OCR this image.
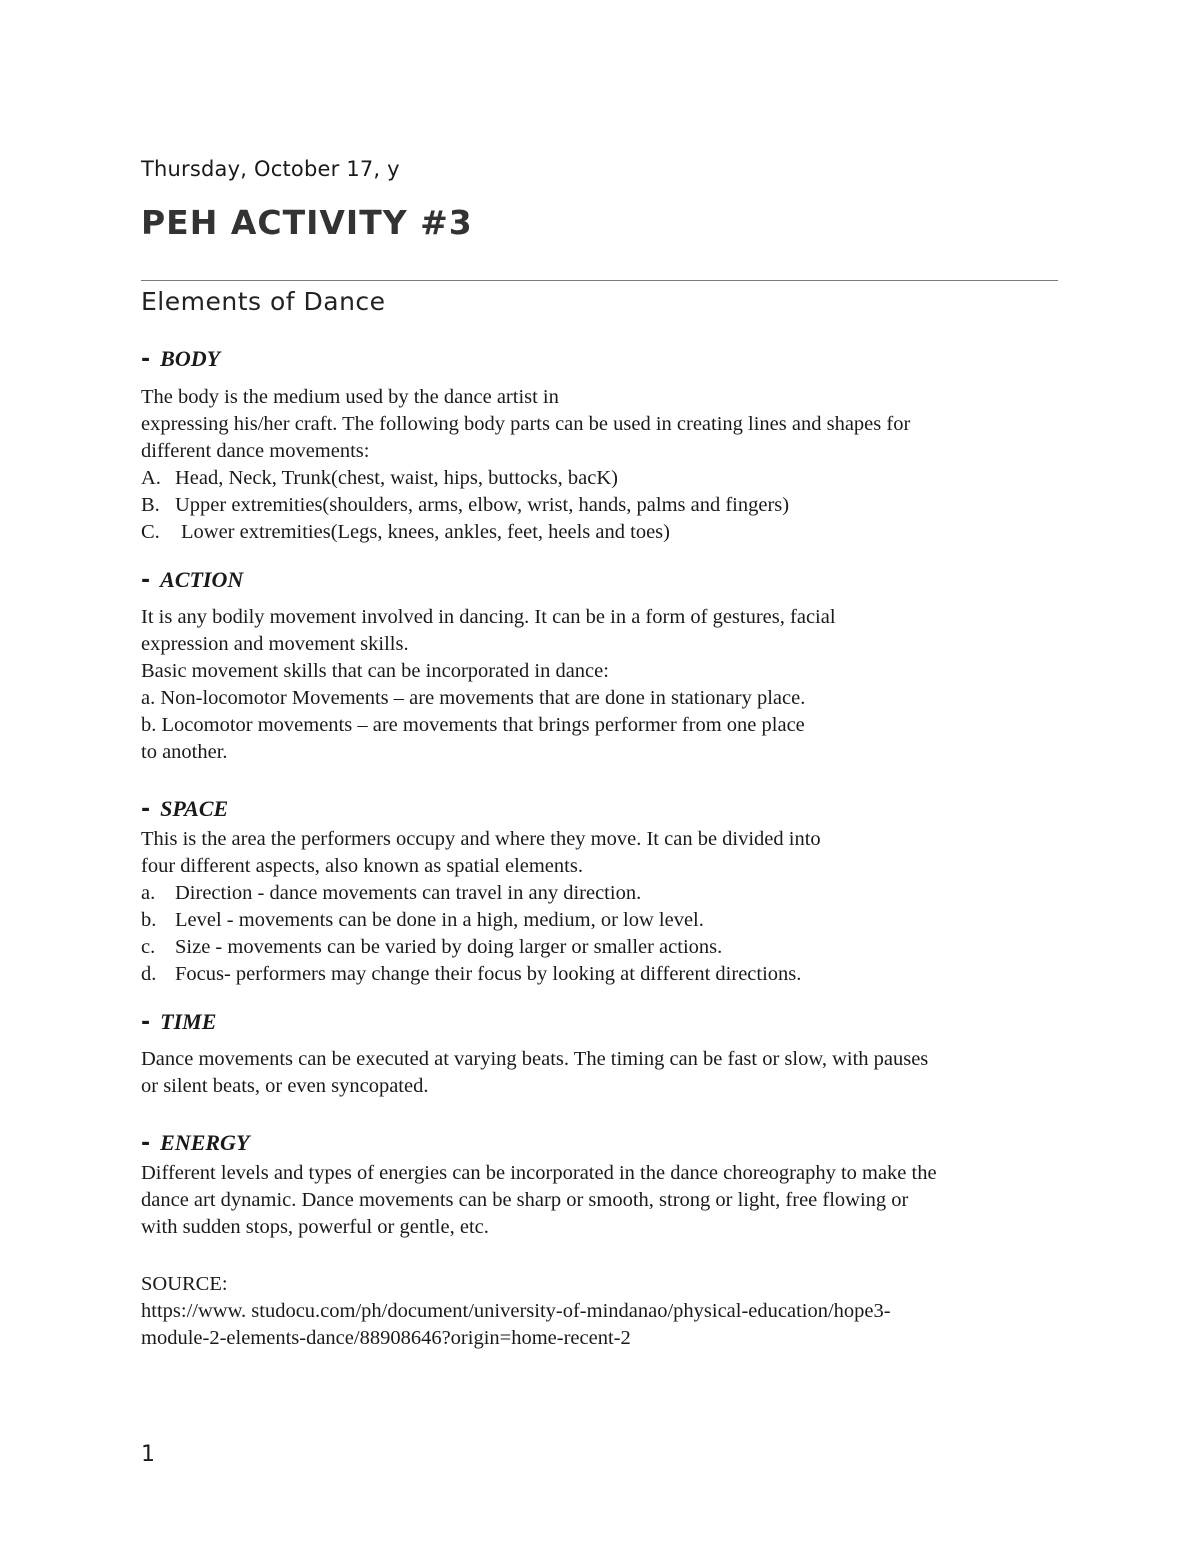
Thursday, October 17, y
PEH ACTIVITY #3
Elements of Dance
- BODY
The body is the medium used by the dance artist in
expressing his/her craft. The following body parts can be used in creating lines and shapes for
different dance movements:
A. Head, Neck, Trunk(chest, waist, hips, buttocks, bacK)
B. Upper extremities(shoulders, arms, elbow, wrist, hands, palms and fingers)
C. Lower extremities(Legs, knees, ankles, feet, heels and toes)
- ACTION
It is any bodily movement involved in dancing. It can be in a form of gestures, facial
expression and movement skills.
Basic movement skills that can be incorporated in dance:
a. Non-locomotor Movements – are movements that are done in stationary place.
b. Locomotor movements – are movements that brings performer from one place
to another.
- SPACE
This is the area the performers occupy and where they move. It can be divided into
four different aspects, also known as spatial elements.
a. Direction - dance movements can travel in any direction.
b. Level - movements can be done in a high, medium, or low level.
c. Size - movements can be varied by doing larger or smaller actions.
d. Focus- performers may change their focus by looking at different directions.
- TIME
Dance movements can be executed at varying beats. The timing can be fast or slow, with pauses
or silent beats, or even syncopated.
- ENERGY
Different levels and types of energies can be incorporated in the dance choreography to make the
dance art dynamic. Dance movements can be sharp or smooth, strong or light, free flowing or
with sudden stops, powerful or gentle, etc.
SOURCE:
https://www. studocu.com/ph/document/university-of-mindanao/physical-education/hope3-
module-2-elements-dance/88908646?origin=home-recent-2
1
